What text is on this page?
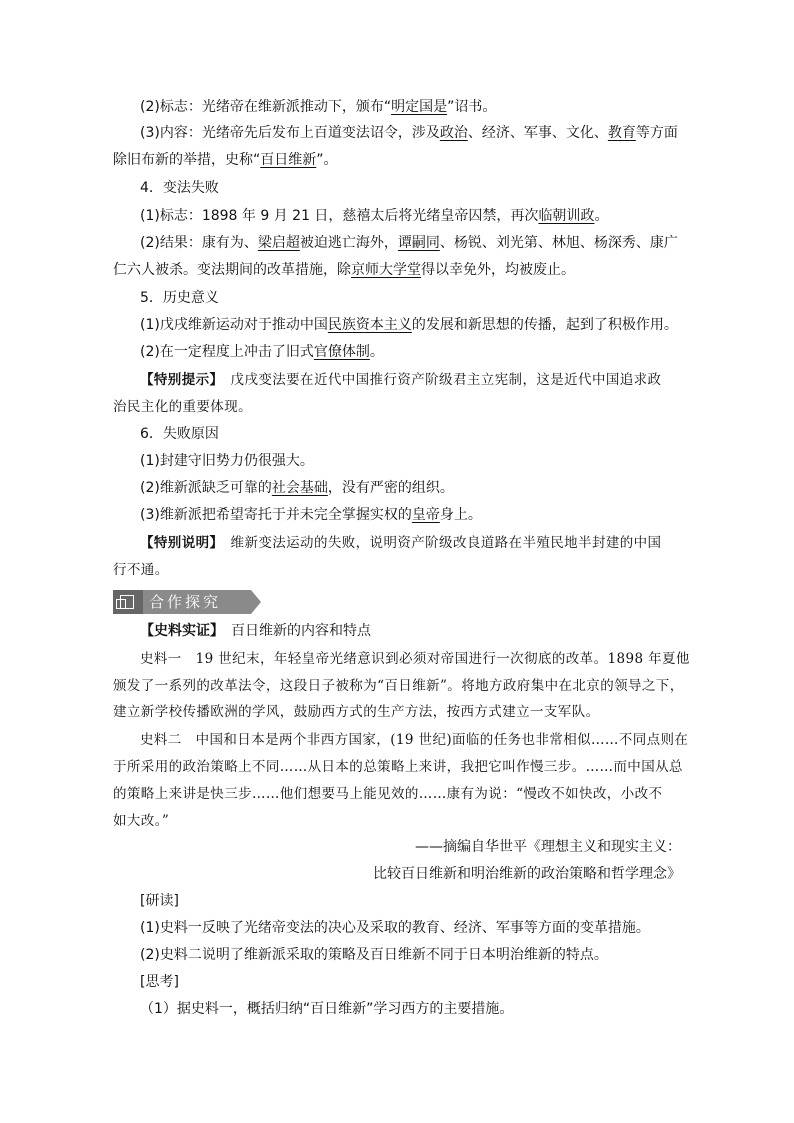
(2)标志：光绪帝在维新派推动下，颁布“明定国是”诏书。
(3)内容：光绪帝先后发布上百道变法诏令，涉及政治、经济、军事、文化、教育等方面
除旧布新的举措，史称“百日维新”。
4．变法失败
(1)标志：1898 年 9 月 21 日，慈禧太后将光绪皇帝囚禁，再次临朝训政。
(2)结果：康有为、梁启超被迫逃亡海外，谭嗣同、杨锐、刘光第、林旭、杨深秀、康广
仁六人被杀。变法期间的改革措施，除京师大学堂得以幸免外，均被废止。
5．历史意义
(1)戊戌维新运动对于推动中国民族资本主义的发展和新思想的传播，起到了积极作用。
(2)在一定程度上冲击了旧式官僚体制。
【特别提示】　戊戌变法要在近代中国推行资产阶级君主立宪制，这是近代中国追求政
治民主化的重要体现。
6．失败原因
(1)封建守旧势力仍很强大。
(2)维新派缺乏可靠的社会基础，没有严密的组织。
(3)维新派把希望寄托于并未完全掌握实权的皇帝身上。
【特别说明】　维新变法运动的失败，说明资产阶级改良道路在半殖民地半封建的中国
行不通。
合作探究
【史料实证】　百日维新的内容和特点
史料一　19 世纪末，年轻皇帝光绪意识到必须对帝国进行一次彻底的改革。1898 年夏他
颁发了一系列的改革法令，这段日子被称为“百日维新”。将地方政府集中在北京的领导之下，
建立新学校传播欧洲的学风，鼓励西方式的生产方法，按西方式建立一支军队。
史料二　中国和日本是两个非西方国家，(19 世纪)面临的任务也非常相似……不同点则在
于所采用的政治策略上不同……从日本的总策略上来讲，我把它叫作慢三步。……而中国从总
的策略上来讲是快三步……他们想要马上能见效的……康有为说：“慢改不如快改，小改不
如大改。”
——摘编自华世平《理想主义和现实主义：
比较百日维新和明治维新的政治策略和哲学理念》
[研读]
(1)史料一反映了光绪帝变法的决心及采取的教育、经济、军事等方面的变革措施。
(2)史料二说明了维新派采取的策略及百日维新不同于日本明治维新的特点。
[思考]
（1）据史料一，概括归纳“百日维新”学习西方的主要措施。
